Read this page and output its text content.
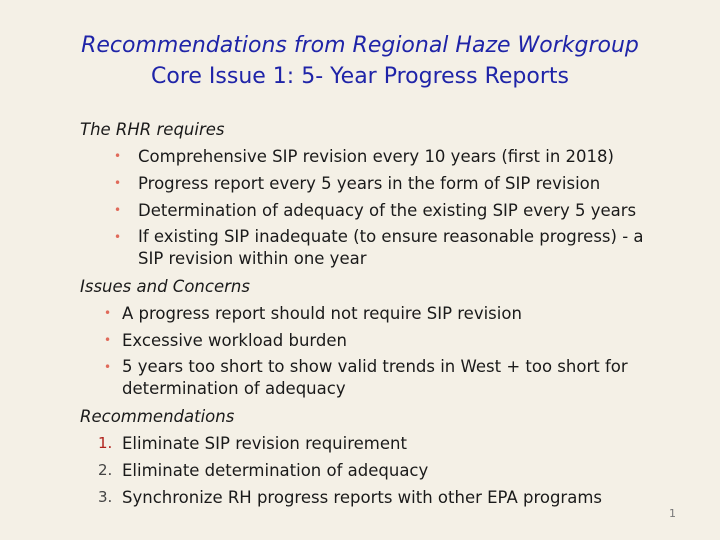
Recommendations from Regional Haze Workgroup
Core Issue 1: 5- Year Progress Reports
The RHR requires
• Comprehensive SIP revision every 10 years (first in 2018)
• Progress report every 5 years in the form of SIP revision
• Determination of adequacy of the existing SIP every 5 years
• If existing SIP inadequate (to ensure reasonable progress) - a SIP revision within one year
Issues and Concerns
• A progress report should not require SIP revision
• Excessive workload burden
• 5 years too short to show valid trends in West + too short for determination of adequacy
Recommendations
1. Eliminate SIP revision requirement
2. Eliminate determination of adequacy
3. Synchronize RH progress reports with other EPA programs
1
